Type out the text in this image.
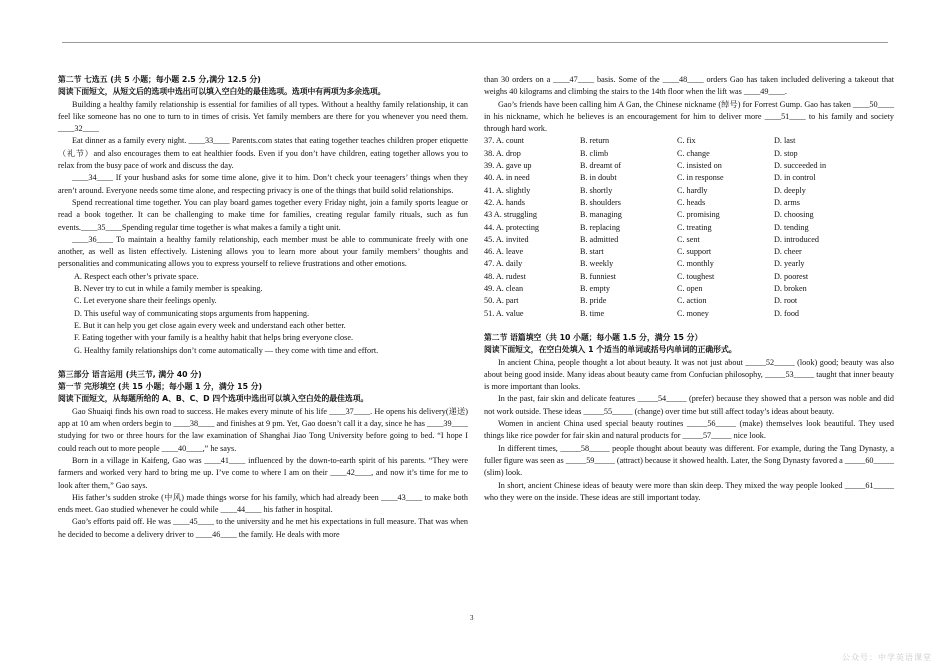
第二节 七选五 (共 5 小题；每小题 2.5 分,满分 12.5 分)

阅读下面短文，从短文后的选项中选出可以填入空白处的最佳选项。选项中有两项为多余选项。

Building a healthy family relationship is essential for families of all types. Without a healthy family relationship, it can feel like someone has no one to turn to in times of crisis. Yet family members are there for you whenever you need them. ____32____

Eat dinner as a family every night. ____33____ Parents.com states that eating together teaches children proper etiquette（礼节）and also encourages them to eat healthier foods. Even if you don’t have children, eating together allows you to relax from the busy pace of work and discuss the day.

____34____ If your husband asks for some time alone, give it to him. Don’t check your teenagers’ things when they aren’t around. Everyone needs some time alone, and respecting privacy is one of the things that build solid relationships.

Spend recreational time together. You can play board games together every Friday night, join a family sports league or read a book together. It can be challenging to make time for families, creating regular family rituals, such as fun events.____35____Spending regular time together is what makes a family a tight unit.

____36____ To maintain a healthy family relationship, each member must be able to communicate freely with one another, as well as listen effectively. Listening allows you to learn more about your family members’ thoughts and personalities and communicating allows you to express yourself to relieve frustrations and other emotions.

A. Respect each other’s private space.

B. Never try to cut in while a family member is speaking.

C. Let everyone share their feelings openly.

D. This useful way of communicating stops arguments from happening.

E. But it can help you get close again every week and understand each other better.

F. Eating together with your family is a healthy habit that helps bring everyone close.

G. Healthy family relationships don’t come automatically — they come with time and effort.

第三部分 语言运用 (共三节, 满分 40 分)

第一节 完形填空 (共 15 小题；每小题 1 分，满分 15 分)

阅读下面短文，从每题所给的 A、B、C、D 四个选项中选出可以填入空白处的最佳选项。

Gao Shuaiqi finds his own road to success. He makes every minute of his life ____37____. He opens his delivery(递送) app at 10 am when orders begin to ____38____ and finishes at 9 pm. Yet, Gao doesn’t call it a day, since he has ____39____ studying for two or three hours for the law examination of Shanghai Jiao Tong University before going to bed. “I hope I could reach out to more people ____40____,” he says.

Born in a village in Kaifeng, Gao was ____41____ influenced by the down-to-earth spirit of his parents. “They were farmers and worked very hard to bring me up. I’ve come to where I am on their ____42____, and now it’s time for me to look after them,” Gao says.

His father’s sudden stroke (中风) made things worse for his family, which had already been ____43____ to make both ends meet. Gao studied whenever he could while ____44____ his father in hospital.

Gao’s efforts paid off. He was ____45____ to the university and he met his expectations in full measure. That was when he decided to become a delivery driver to ____46____ the family. He deals with more

than 30 orders on a ____47____ basis. Some of the ____48____ orders Gao has taken included delivering a takeout that weighs 40 kilograms and climbing the stairs to the 14th floor when the lift was ____49____.

Gao’s friends have been calling him A Gan, the Chinese nickname (绰号) for Forrest Gump. Gao has taken ____50____ in his nickname, which he believes is an encouragement for him to deliver more ____51____ to his family and society through hard work.

37. A. count	B. return	C. fix	D. last
38. A. drop	B. climb	C. change	D. stop
39. A. gave up	B. dreamt of	C. insisted on	D. succeeded in
40. A. in need	B. in doubt	C. in response	D. in control
41. A. slightly	B. shortly	C. hardly	D. deeply
42. A. hands	B. shoulders	C. heads	D. arms
43 A. struggling	B. managing	C. promising	D. choosing
44. A. protecting	B. replacing	C. treating	D. tending
45. A. invited	B. admitted	C. sent	D. introduced
46. A. leave	B. start	C. support	D. cheer
47. A. daily	B. weekly	C. monthly	D. yearly
48. A. rudest	B. funniest	C. toughest	D. poorest
49. A. clean	B. empty	C. open	D. broken
50. A. part	B. pride	C. action	D. root
51. A. value	B. time	C. money	D. food

第二节 语篇填空（共 10 小题；每小题 1.5 分，满分 15 分）

阅读下面短文，在空白处填入 1 个适当的单词或括号内单词的正确形式。

In ancient China, people thought a lot about beauty. It was not just about _____52_____ (look) good; beauty was also about being good inside. Many ideas about beauty came from Confucian philosophy, _____53_____ taught that inner beauty is more important than looks.

In the past, fair skin and delicate features _____54_____ (prefer) because they showed that a person was noble and did not work outside. These ideas _____55_____ (change) over time but still affect today’s ideas about beauty.

Women in ancient China used special beauty routines _____56_____ (make) themselves look beautiful. They used things like rice powder for fair skin and natural products for _____57_____ nice look.

In different times, _____58_____ people thought about beauty was different. For example, during the Tang Dynasty, a fuller figure was seen as _____59_____ (attract) because it showed health. Later, the Song Dynasty favored a _____60_____ (slim) look.

In short, ancient Chinese ideas of beauty were more than skin deep. They mixed the way people looked _____61_____ who they were on the inside. These ideas are still important today.

3
公众号：中学英语课堂
